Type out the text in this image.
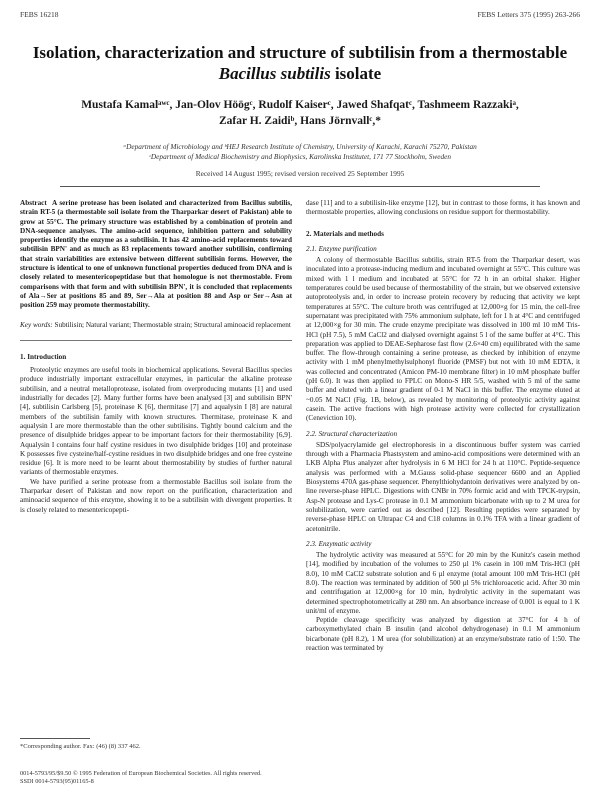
FEBS 16218	FEBS Letters 375 (1995) 263-266
Isolation, characterization and structure of subtilisin from a thermostable
Bacillus subtilis isolate
Mustafa Kamalᵃʷᶜ, Jan-Olov Höögᶜ, Rudolf Kaiserᶜ, Jawed Shafqatᶜ, Tashmeem Razzakiᵃ,
Zafar H. Zaidiᵇ, Hans Jörnvallᶜ,*
ᵃDepartment of Microbiology and ᵇHEJ Research Institute of Chemistry, University of Karachi, Karachi 75270, Pakistan
ᶜDepartment of Medical Biochemistry and Biophysics, Karolinska Institutet, 171 77 Stockholm, Sweden
Received 14 August 1995; revised version received 25 September 1995
Abstract A serine protease has been isolated and characterized from Bacillus subtilis, strain RT-5 (a thermostable soil isolate from the Tharparkar desert of Pakistan) able to grow at 55°C. The primary structure was established by a combination of protein and DNA-sequence analyses. The amino-acid sequence, inhibition pattern and solubility properties identify the enzyme as a subtilisin. It has 42 amino-acid replacements toward subtilisin BPN' and as much as 83 replacements toward another subtilisin, confirming that strain variabilities are extensive between different subtilisin forms. However, the structure is identical to one of unknown functional properties deduced from DNA and is closely related to mesentericopeptidase but that homologue is not thermostable. From comparisons with that form and with subtilisin BPN', it is concluded that replacements of Ala→Ser at positions 85 and 89, Ser→Ala at position 88 and Asp or Ser→Asn at position 259 may promote thermostability.
Key words: Subtilisin; Natural variant; Thermostable strain; Structural aminoacid replacement
1. Introduction

Proteolytic enzymes are useful tools in biochemical applications. Several Bacillus species produce industrially important extracellular enzymes, in particular the alkaline protease subtilisin, and a neutral metalloprotease, isolated from overproducing mutants [1] and used industrially for decades [2]. Many further forms have been analysed [3] and subtilisin BPN' [4], subtilisin Carlsberg [5], proteinase K [6], thermitase [7] and aqualysin I [8] are natural members of the subtilisin family with known structures. Thermitase, proteinase K and aqualysin I are more thermostable than the other subtilisins. Tightly bound calcium and the presence of disulphide bridges appear to be important factors for their thermostability [6,9]. Aqualysin I contains four half cystine residues in two disulphide bridges [10] and proteinase K possesses five cysteine/half-cystine residues in two disulphide bridges and one free cysteine residue [6]. It is more need to be learnt about thermostability by studies of further natural variants of thermostable enzymes.

We have purified a serine protease from a thermostable Bacillus soil isolate from the Tharparkar desert of Pakistan and now report on the purification, characterization and aminoacid sequence of this enzyme, showing it to be a subtilisin with divergent properties. It is closely related to mesentericopepti-

dase [11] and to a subtilisin-like enzyme [12], but in contrast to those forms, it has known and thermostable properties, allowing conclusions on residue support for thermostability.

2. Materials and methods
2.1. Enzyme purification

A colony of thermostable Bacillus subtilis, strain RT-5 from the Tharparkar desert, was inoculated into a protease-inducing medium and incubated overnight at 55°C. This culture was mixed with 1 l medium and incubated at 55°C for 72 h in an orbital shaker. Higher temperatures could be used because of thermostability of the strain, but we observed extensive autoproteolysis and, in order to increase protein recovery by reducing that activity we kept temperatures at 55°C. The culture broth was centrifuged at 12,000×g for 15 min, the cell-free supernatant was precipitated with 75% ammonium sulphate, left for 1 h at 4°C and centrifuged at 12,000×g for 30 min. The crude enzyme precipitate was dissolved in 100 ml 10 mM Tris-HCl (pH 7.5), 5 mM CaCl2 and dialysed overnight against 5 l of the same buffer at 4°C. This preparation was applied to DEAE-Sepharose fast flow (2.6×40 cm) equilibrated with the same buffer. The flow-through containing a serine protease, as checked by inhibition of enzyme activity with 1 mM phenylmethylsulphonyl fluoride (PMSF) but not with 10 mM EDTA, it was collected and concentrated (Amicon PM-10 membrane filter) in 10 mM phosphate buffer (pH 6.0). It was then applied to FPLC on Mono-S HR 5/5, washed with 5 ml of the same buffer and eluted with a linear gradient of 0-1 M NaCl in this buffer. The enzyme eluted at ~0.05 M NaCl (Fig. 1B, below), as revealed by monitoring of proteolytic activity against casein. The active fractions with high protease activity were collected for crystallization (Ceneviction 10).

2.2. Structural characterization

SDS/polyacrylamide gel electrophoresis in a discontinuous buffer system was carried through with a Pharmacia Phastsystem and amino-acid compositions were determined with an LKB Alpha Plus analyzer after hydrolysis in 6 M HCl for 24 h at 110°C. Peptide-sequence analysis was performed with a M.Gauss solid-phase sequencer 6600 and an Applied Biosystems 470A gas-phase sequencer. Phenylthiohydantoin derivatives were analyzed by on-line reverse-phase HPLC. Digestions with CNBr in 70% formic acid and with TPCK-trypsin, Asp-N protease and Lys-C protease in 0.1 M ammonium bicarbonate with up to 2 M urea for solubilization, were carried out as described [12]. Resulting peptides were separated by reverse-phase HPLC on Ultrapac C4 and C18 columns in 0.1% TFA with a linear gradient of acetonitrile.

2.3. Enzymatic activity

The hydrolytic activity was measured at 55°C for 20 min by the Kunitz's casein method [14], modified by incubation of the volumes to 250 µl 1% casein in 100 mM Tris-HCl (pH 8.0), 10 mM CaCl2 substrate solution and 6 µl enzyme (total amount 100 mM Tris-HCl (pH 8.0). The reaction was terminated by addition of 500 µl 5% trichloroacetic acid. After 30 min and centrifugation at 12,000×g for 10 min, hydrolytic activity in the supernatant was determined spectrophotometrically at 280 nm. An absorbance increase of 0.001 is equal to 1 K unit/ml of enzyme.

Peptide cleavage specificity was analyzed by digestion at 37°C for 4 h of carboxymethylated chain B insulin (and alcohol dehydrogenase) in 0.1 M ammonium bicarbonate (pH 8.2), 1 M urea (for solubilization) at an enzyme/substrate ratio of 1:50. The reaction was terminated by

*Corresponding author. Fax: (46) (8) 337 462.
0014-5793/95/$9.50 © 1995 Federation of European Biochemical Societies. All rights reserved.
SSDI 0014-5793(95)01165-8
